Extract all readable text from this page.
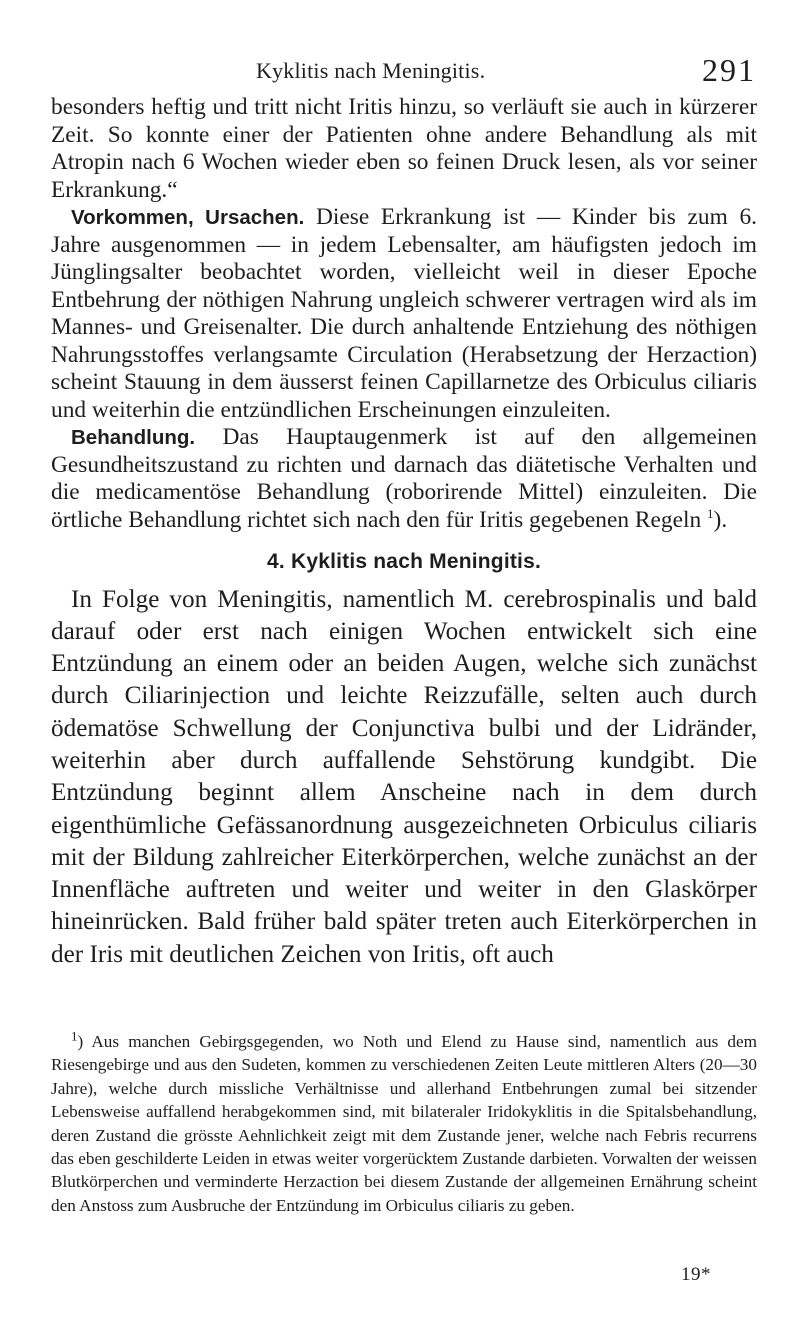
Kyklitis nach Meningitis.	291

besonders heftig und tritt nicht Iritis hinzu, so verläuft sie auch in kürzerer Zeit. So konnte einer der Patienten ohne andere Behandlung als mit Atropin nach 6 Wochen wieder eben so feinen Druck lesen, als vor seiner Erkrankung.“

Vorkommen, Ursachen. Diese Erkrankung ist — Kinder bis zum 6. Jahre ausgenommen — in jedem Lebensalter, am häufigsten jedoch im Jünglingsalter beobachtet worden, vielleicht weil in dieser Epoche Entbehrung der nöthigen Nahrung ungleich schwerer vertragen wird als im Mannes- und Greisenalter. Die durch anhaltende Entziehung des nöthigen Nahrungsstoffes verlangsamte Circulation (Herabsetzung der Herzaction) scheint Stauung in dem äusserst feinen Capillarnetze des Orbiculus ciliaris und weiterhin die entzündlichen Erscheinungen einzuleiten.

Behandlung. Das Hauptaugenmerk ist auf den allgemeinen Gesundheitszustand zu richten und darnach das diätetische Verhalten und die medicamentöse Behandlung (roborirende Mittel) einzuleiten. Die örtliche Behandlung richtet sich nach den für Iritis gegebenen Regeln $^1$).

4. Kyklitis nach Meningitis.

In Folge von Meningitis, namentlich M. cerebrospinalis und bald darauf oder erst nach einigen Wochen entwickelt sich eine Entzündung an einem oder an beiden Augen, welche sich zunächst durch Ciliarinjection und leichte Reizzufälle, selten auch durch ödematöse Schwellung der Conjunctiva bulbi und der Lidränder, weiterhin aber durch auffallende Sehstörung kundgibt. Die Entzündung beginnt allem Anscheine nach in dem durch eigenthümliche Gefässanordnung ausgezeichneten Orbiculus ciliaris mit der Bildung zahlreicher Eiterkörperchen, welche zunächst an der Innenfläche auftreten und weiter und weiter in den Glaskörper hineinrücken. Bald früher bald später treten auch Eiterkörperchen in der Iris mit deutlichen Zeichen von Iritis, oft auch

$^1$) Aus manchen Gebirgsgegenden, wo Noth und Elend zu Hause sind, namentlich aus dem Riesengebirge und aus den Sudeten, kommen zu verschiedenen Zeiten Leute mittleren Alters (20—30 Jahre), welche durch missliche Verhältnisse und allerhand Entbehrungen zumal bei sitzender Lebensweise auffallend herabgekommen sind, mit bilateraler Iridokyklitis in die Spitalsbehandlung, deren Zustand die grösste Aehnlichkeit zeigt mit dem Zustande jener, welche nach Febris recurrens das eben geschilderte Leiden in etwas weiter vorgerücktem Zustande darbieten. Vorwalten der weissen Blutkörperchen und verminderte Herzaction bei diesem Zustande der allgemeinen Ernährung scheint den Anstoss zum Ausbruche der Entzündung im Orbiculus ciliaris zu geben.

19*
